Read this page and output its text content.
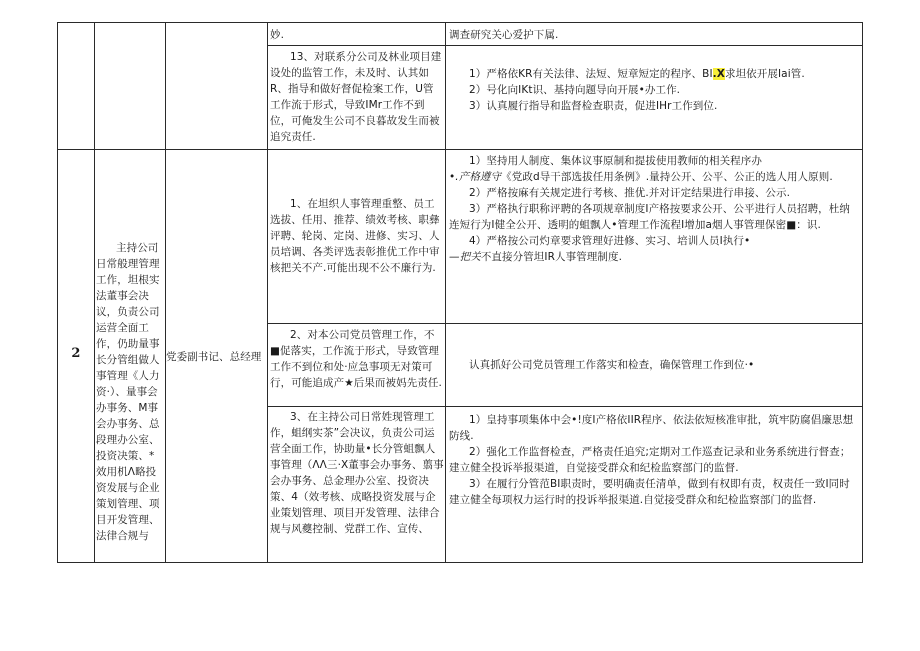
妙.	调查研究关心爱护下属.

13、对联系分公司及林业项目建设处的监管工作，未及时、认其如R、指导和做好督促检案工作，U管工作流于形式，导致IMr工作不到位，可俺发生公司不良暮故发生而被追究责任.

1）严格依KR有关法律、法短、短章短定的程序、BI.X求坦依开展Iai管.

2）号化向IKt识、基持向题导向开展•办工作.

3）认真履行指导和监督检查职责，促进IHr工作到位.

2

主持公司日常般理管理工作，坦根实法董事会决议，负责公司运营全面工作，仍助量事长分管组做人事管理《人力资·）、量事会办事务、M事会办事务、总段理办公室、投资决策、*效用机Λ略投资发展与企业策划管理、项目开发管理、法律合规与

党委副书记、总经理

1、在坦织人事管理重整、员工选拔、任用、推荐、绩效考核、职彝评聘、轮岗、定岗、进修、实习、人员培调、各类评选表彰推优工作中审核把关不产.可能出现不公不廉行为.

1）坚持用人制度、集体议事原制和提拔使用教师的相关程序办

•.产格遵守《党政d导干部选拔任用条例》.量持公开、公平、公正的选人用人原则.

2）严格按麻有关规定进行考核、推优.并对讦定结果进行串接、公示.

3）严格执行职称评聘的各项规章制度I产格按要求公开、公平进行人员招聘，杜纳连短行为I健全公开、透明的蛆飘人•管理工作流程I增加a烟人事管理保密■：识.

4）严格按公司灼章要求管理好进修、实习、培训人员I执行•

—把关不直接分管坦IR人事管理制度.

2、对本公司党员管理工作，不■促落实，工作流于形式，导致管理工作不到位和处·应急事项无对策可行，可能追成产★后果而被妈先责任.

认真抓好公司党员管理工作落实和检查，确保管理工作到位·•

3、在主持公司日常姓现管理工作，蛆纲实茶”会决议，负责公司运营全面工作，协助量•长分管蛆飘人事管理（ΛΛ三·X董事会办事务、翦事会办事务、总金理办公室、投资决策、4（效考核、成略投资发展与企业策划管理、项目开发管理、法律合规与风夔控制、党群工作、宣传、

1）皇持事项集体中会•!度I产格依IIR程序、依法依短核准审批，筑牢防腐倡廉思想防线.

2）强化工作监督检查，严格责任追究;定期对工作巡查记录和业务系统进行督查；建立健全投诉举报渠道，自觉接受群众和纪检监察部门的监督.

3）在履行分管范BI职责时，要明确责任清单，做到有权即有责，权责任一致I同时建立健全每项权力运行时的投诉举报渠道.自觉接受群众和纪检监察部门的监督.
